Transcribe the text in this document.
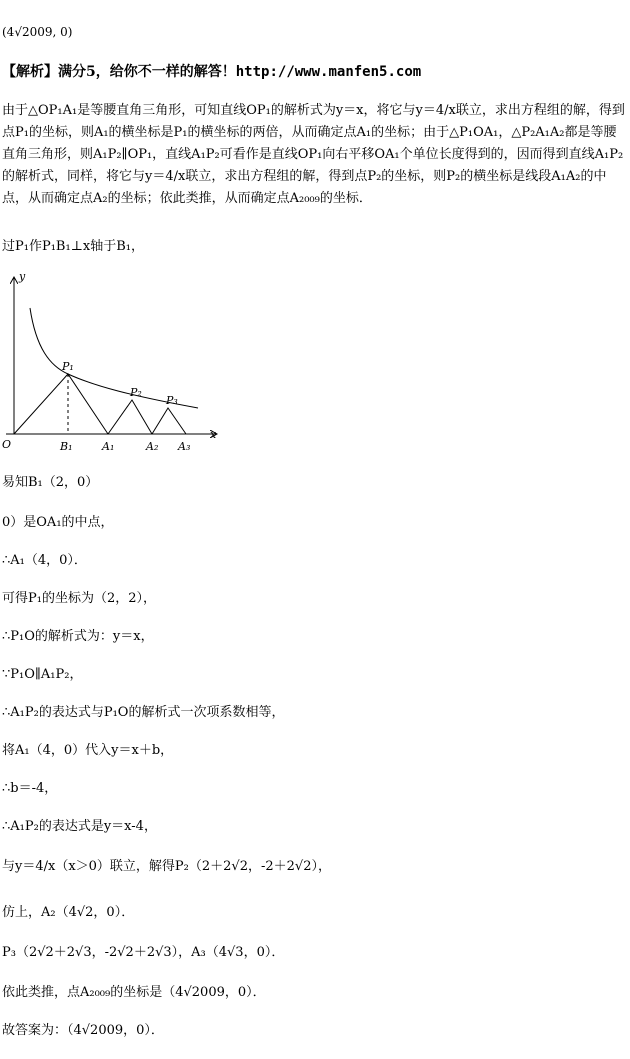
(4√2009, 0)
【解析】满分5，给你不一样的解答！http://www.manfen5.com
由于△OP₁A₁是等腰直角三角形，可知直线OP₁的解析式为y＝x，将它与y＝4/x联立，求出方程组的解，得到点P₁的坐标，则A₁的横坐标是P₁的横坐标的两倍，从而确定点A₁的坐标；由于△P₁OA₁，△P₂A₁A₂都是等腰直角三角形，则A₁P₂∥OP₁，直线A₁P₂可看作是直线OP₁向右平移OA₁个单位长度得到的，因而得到直线A₁P₂的解析式，同样，将它与y＝4/x联立，求出方程组的解，得到点P₂的坐标，则P₂的横坐标是线段A₁A₂的中点，从而确定点A₂的坐标；依此类推，从而确定点A₂₀₀₉的坐标．
过P₁作P₁B₁⊥x轴于B₁，
y
x
O
P₁
P₂
P₃
B₁	A₁	A₂ A₃
易知B₁（2，0）
0）是OA₁的中点，
∴A₁（4，0）．
可得P₁的坐标为（2，2），
∴P₁O的解析式为：y＝x，
∵P₁O∥A₁P₂，
∴A₁P₂的表达式与P₁O的解析式一次项系数相等，
将A₁（4，0）代入y＝x＋b，
∴b＝-4，
∴A₁P₂的表达式是y＝x-4，
与y＝4/x（x＞0）联立，解得P₂（2＋2√2，-2＋2√2），
仿上，A₂（4√2，0）．
P₃（2√2＋2√3，-2√2＋2√3），A₃（4√3，0）．
依此类推，点A₂₀₀₉的坐标是（4√2009，0）．
故答案为：（4√2009，0）．
